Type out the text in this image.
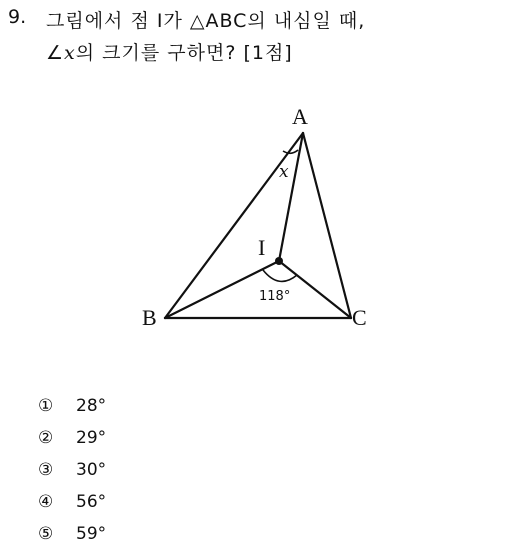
9. 그림에서 점 I가 △ABC의 내심일 때,
∠x의 크기를 구하면? [1점]
A
B	C
I
x
118°
①	28°
②	29°
③	30°
④	56°
⑤	59°
